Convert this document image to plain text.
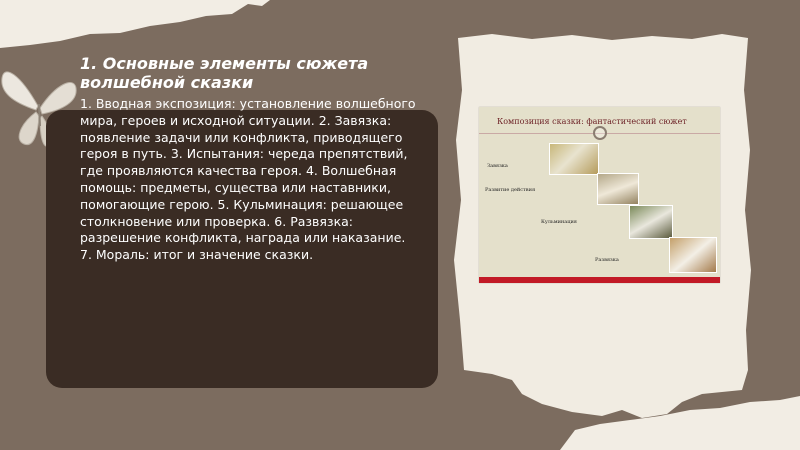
1. Основные элементы сюжета волшебной сказки

1. Вводная экспозиция: установление волшебного мира, героев и исходной ситуации. 2. Завязка: появление задачи или конфликта, приводящего героя в путь. 3. Испытания: череда препятствий, где проявляются качества героя. 4. Волшебная помощь: предметы, существа или наставники, помогающие герою. 5. Кульминация: решающее столкновение или проверка. 6. Развязка: разрешение конфликта, награда или наказание. 7. Мораль: итог и значение сказки.

Композиция сказки: фантастический сюжет
Завязка
Развитие действия
Кульминация
Развязка
